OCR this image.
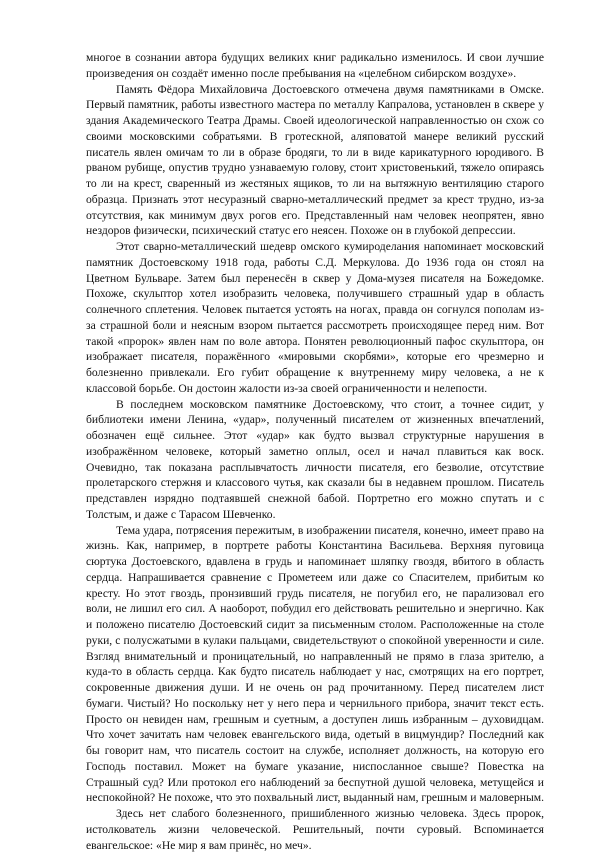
многое в сознании автора будущих великих книг радикально изменилось. И свои лучшие произведения он создаёт именно после пребывания на «целебном сибирском воздухе».

Память Фёдора Михайловича Достоевского отмечена двумя памятниками в Омске. Первый памятник, работы известного мастера по металлу Капралова, установлен в сквере у здания Академического Театра Драмы. Своей идеологической направленностью он схож со своими московскими собратьями. В гротескной, аляповатой манере великий русский писатель явлен омичам то ли в образе бродяги, то ли в виде карикатурного юродивого. В рваном рубище, опустив трудно узнаваемую голову, стоит христовенький, тяжело опираясь то ли на крест, сваренный из жестяных ящиков, то ли на вытяжную вентиляцию старого образца. Признать этот несуразный сварно-металлический предмет за крест трудно, из-за отсутствия, как минимум двух рогов его. Представленный нам человек неопрятен, явно нездоров физически, психический статус его неясен. Похоже он в глубокой депрессии.

Этот сварно-металлический шедевр омского кумироделания напоминает московский памятник Достоевскому 1918 года, работы С.Д. Меркулова. До 1936 года он стоял на Цветном Бульваре. Затем был перенесён в сквер у Дома-музея писателя на Божедомке. Похоже, скульптор хотел изобразить человека, получившего страшный удар в область солнечного сплетения. Человек пытается устоять на ногах, правда он согнулся пополам из-за страшной боли и неясным взором пытается рассмотреть происходящее перед ним. Вот такой «пророк» явлен нам по воле автора. Понятен революционный пафос скульптора, он изображает писателя, поражённого «мировыми скорбями», которые его чрезмерно и болезненно привлекали. Его губит обращение к внутреннему миру человека, а не к классовой борьбе. Он достоин жалости из-за своей ограниченности и нелепости.

В последнем московском памятнике Достоевскому, что стоит, а точнее сидит, у библиотеки имени Ленина, «удар», полученный писателем от жизненных впечатлений, обозначен ещё сильнее. Этот «удар» как будто вызвал структурные нарушения в изображённом человеке, который заметно оплыл, осел и начал плавиться как воск. Очевидно, так показана расплывчатость личности писателя, его безволие, отсутствие пролетарского стержня и классового чутья, как сказали бы в недавнем прошлом. Писатель представлен изрядно подтаявшей снежной бабой. Портретно его можно спутать и с Толстым, и даже с Тарасом Шевченко.

Тема удара, потрясения пережитым, в изображении писателя, конечно, имеет право на жизнь. Как, например, в портрете работы Константина Васильева. Верхняя пуговица сюртука Достоевского, вдавлена в грудь и напоминает шляпку гвоздя, вбитого в область сердца. Напрашивается сравнение с Прометеем или даже со Спасителем, прибитым ко кресту. Но этот гвоздь, пронзивший грудь писателя, не погубил его, не парализовал его воли, не лишил его сил. А наоборот, побудил его действовать решительно и энергично. Как и положено писателю Достоевский сидит за письменным столом. Расположенные на столе руки, с полусжатыми в кулаки пальцами, свидетельствуют о спокойной уверенности и силе. Взгляд внимательный и проницательный, но направленный не прямо в глаза зрителю, а куда-то в область сердца. Как будто писатель наблюдает у нас, смотрящих на его портрет, сокровенные движения души. И не очень он рад прочитанному. Перед писателем лист бумаги. Чистый? Но поскольку нет у него пера и чернильного прибора, значит текст есть. Просто он невиден нам, грешным и суетным, а доступен лишь избранным – духовидцам. Что хочет зачитать нам человек евангельского вида, одетый в вицмундир? Последний как бы говорит нам, что писатель состоит на службе, исполняет должность, на которую его Господь поставил. Может на бумаге указание, ниспосланное свыше? Повестка на Страшный суд? Или протокол его наблюдений за беспутной душой человека, метущейся и неспокойной? Не похоже, что это похвальный лист, выданный нам, грешным и маловерным.

Здесь нет слабого болезненного, пришибленного жизнью человека. Здесь пророк, истолкователь жизни человеческой. Решительный, почти суровый. Вспоминается евангельское: «Не мир я вам принёс, но меч».
